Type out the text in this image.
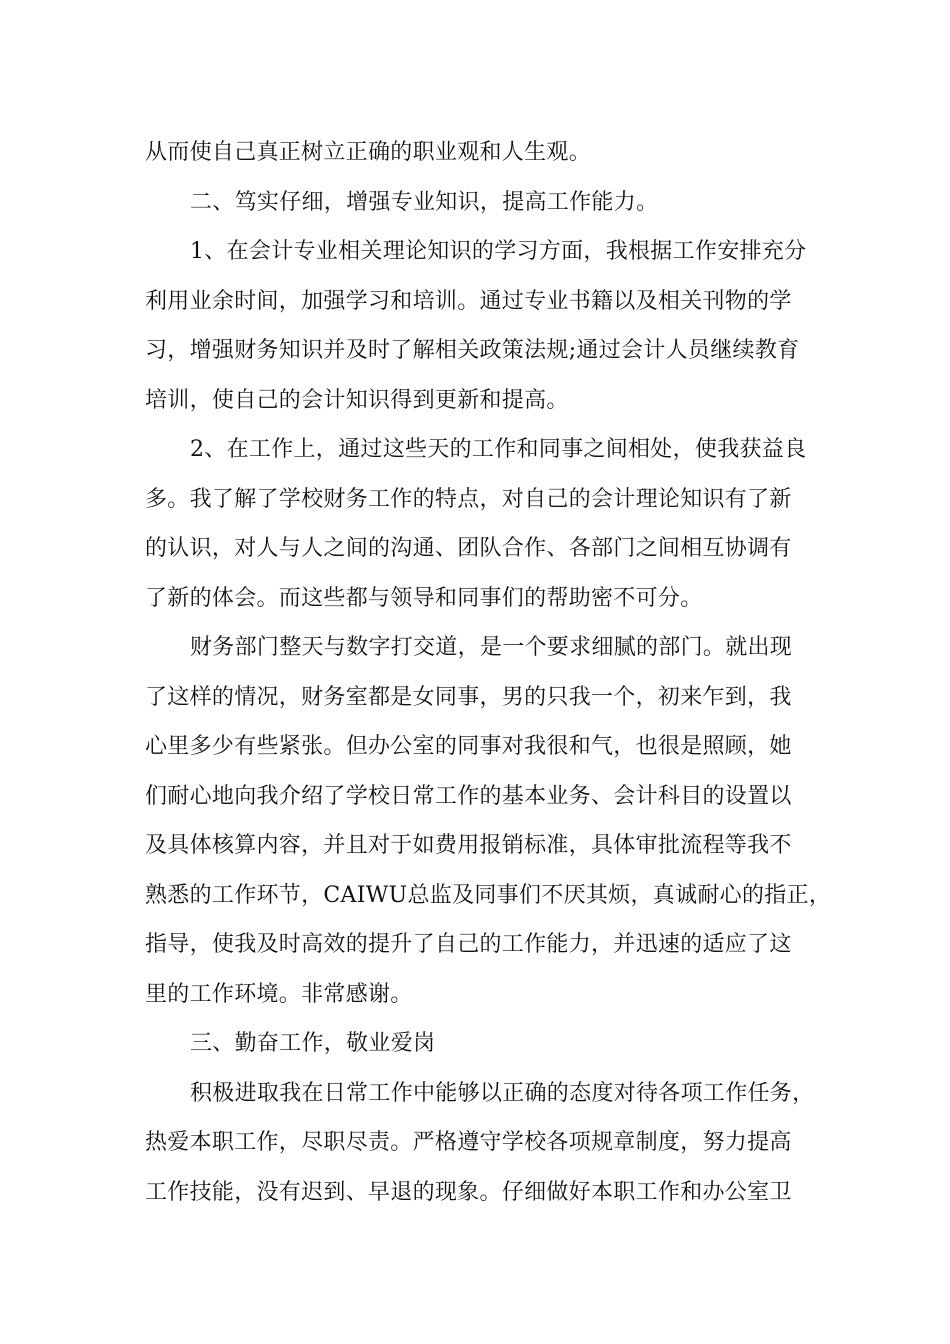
从而使自己真正树立正确的职业观和人生观。
二、笃实仔细，增强专业知识，提高工作能力。
1、在会计专业相关理论知识的学习方面，我根据工作安排充分
利用业余时间，加强学习和培训。通过专业书籍以及相关刊物的学
习，增强财务知识并及时了解相关政策法规;通过会计人员继续教育
培训，使自己的会计知识得到更新和提高。
2、在工作上，通过这些天的工作和同事之间相处，使我获益良
多。我了解了学校财务工作的特点，对自己的会计理论知识有了新
的认识，对人与人之间的沟通、团队合作、各部门之间相互协调有
了新的体会。而这些都与领导和同事们的帮助密不可分。
财务部门整天与数字打交道，是一个要求细腻的部门。就出现
了这样的情况，财务室都是女同事，男的只我一个，初来乍到，我
心里多少有些紧张。但办公室的同事对我很和气，也很是照顾，她
们耐心地向我介绍了学校日常工作的基本业务、会计科目的设置以
及具体核算内容，并且对于如费用报销标准，具体审批流程等我不
熟悉的工作环节，CAIWU总监及同事们不厌其烦，真诚耐心的指正，
指导，使我及时高效的提升了自己的工作能力，并迅速的适应了这
里的工作环境。非常感谢。
三、勤奋工作，敬业爱岗
积极进取我在日常工作中能够以正确的态度对待各项工作任务，
热爱本职工作，尽职尽责。严格遵守学校各项规章制度，努力提高
工作技能，没有迟到、早退的现象。仔细做好本职工作和办公室卫
